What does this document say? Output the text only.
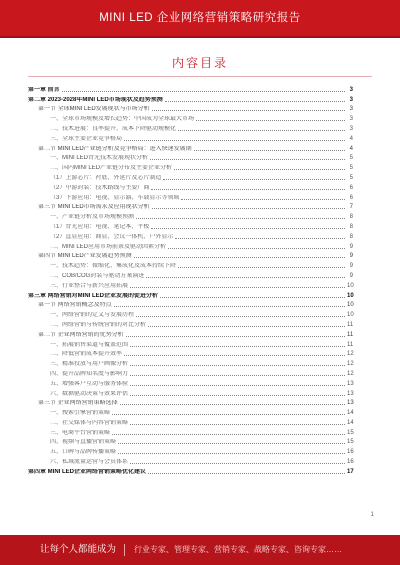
MINI LED 企业网络营销策略研究报告
内容目录
第一章 前言	3
第二章 2023-2028年MINI LED市场现状及趋势预测	3
第一节 全球MINI LED发展现状与市场分析	3
一、全球市场规模及增长趋势：中国成为全球最大市场	3
二、技术进展：良率提升、成本下降驱动规模化	3
三、全球主要企业竞争格局	4
第二节 MINI LED产业链分析及竞争格局：进入快速发展期	4
一、MINI LED背光技术发展现状分析	5
二、国内MINI LED产业链分布及主要企业分析	5
（1）上游芯片：衬底、外延片及芯片制造	5
（2）中游封装：技术路线与主要厂商	6
（3）下游应用：电视、显示器、车载显示等领域	6
第三节 MINI LED市场需求及应用现状分析	7
一、产业链分析及市场规模预测	8
（1）背光应用：电视、笔记本、平板	8
（2）直显应用：商显、会议一体机、户外显示	8
二、MINI LED应用市场前景及驱动因素分析	9
第四节 MINI LED产业发展趋势预测	9
一、技术趋势：微缩化、集成化及成本持续下降	9
二、COB/COG封装与驱动方案演进	9
三、行业整合与新兴应用拓展	10
第三章 网络营销对MINI LED企业发展的促进分析	10
第一节 网络营销概念及特点	10
一、网络营销的定义与发展历程	10
二、网络营销与传统营销的对比分析	11
第二节 企业网络营销的优势分析	11
一、拓展销售渠道与覆盖范围	11
二、降低营销成本提升效率	12
三、精准投放与用户画像分析	12
四、提升品牌知名度与影响力	12
五、增强客户互动与服务体验	13
六、数据驱动决策与效果评估	13
第三节 企业网络营销策略选择	13
一、搜索引擎营销策略	14
二、社交媒体与内容营销策略	14
三、电商平台营销策略	15
四、视频与直播营销策略	15
五、口碑与品牌传播策略	16
六、私域流量运营与会员体系	16
第四章 MINI LED企业网络营销策略优化建议	17
1
让每个人都能成为 行业专家、管理专家、营销专家、战略专家、咨询专家……
